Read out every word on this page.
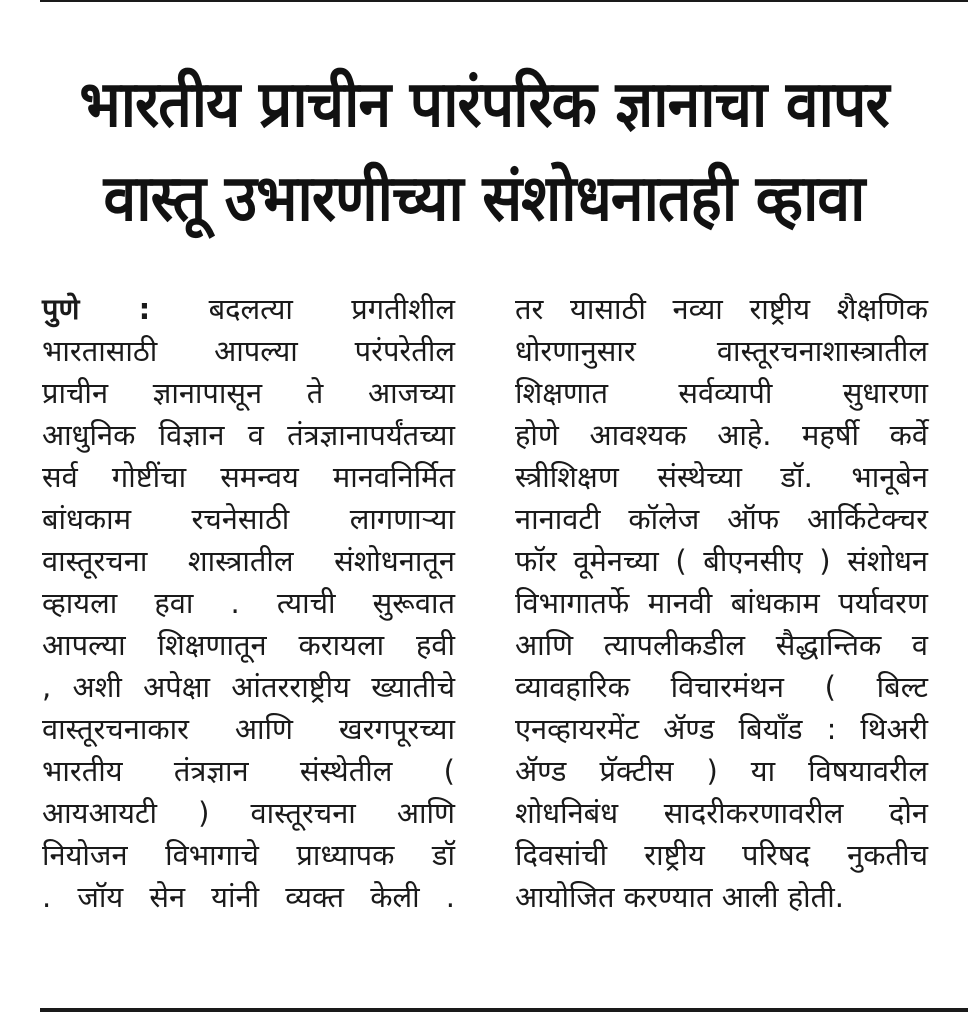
भारतीय प्राचीन पारंपरिक ज्ञानाचा वापर
वास्तू उभारणीच्या संशोधनातही व्हावा
पुणे : बदलत्या प्रगतीशील
भारतासाठी आपल्या परंपरेतील
प्राचीन ज्ञानापासून ते आजच्या
आधुनिक विज्ञान व तंत्रज्ञानापर्यंतच्या
सर्व गोष्टींचा समन्वय मानवनिर्मित
बांधकाम रचनेसाठी लागणाऱ्या
वास्तूरचना शास्त्रातील संशोधनातून
व्हायला हवा . त्याची सुरूवात
आपल्या शिक्षणातून करायला हवी
, अशी अपेक्षा आंतरराष्ट्रीय ख्यातीचे
वास्तूरचनाकार आणि खरगपूरच्या
भारतीय तंत्रज्ञान संस्थेतील (
आयआयटी ) वास्तूरचना आणि
नियोजन विभागाचे प्राध्यापक डॉ
. जॉय सेन यांनी व्यक्त केली .
तर यासाठी नव्या राष्ट्रीय शैक्षणिक
धोरणानुसार वास्तूरचनाशास्त्रातील
शिक्षणात सर्वव्यापी सुधारणा
होणे आवश्यक आहे. महर्षी कर्वे
स्त्रीशिक्षण संस्थेच्या डॉ. भानूबेन
नानावटी कॉलेज ऑफ आर्किटेक्चर
फॉर वूमेनच्या ( बीएनसीए ) संशोधन
विभागातर्फे मानवी बांधकाम पर्यावरण
आणि त्यापलीकडील सैद्धान्तिक व
व्यावहारिक विचारमंथन ( बिल्ट
एनव्हायरमेंट ॲण्ड बियाँड : थिअरी
ॲण्ड प्रॅक्टीस ) या विषयावरील
शोधनिबंध सादरीकरणावरील दोन
दिवसांची राष्ट्रीय परिषद नुकतीच
आयोजित करण्यात आली होती.
